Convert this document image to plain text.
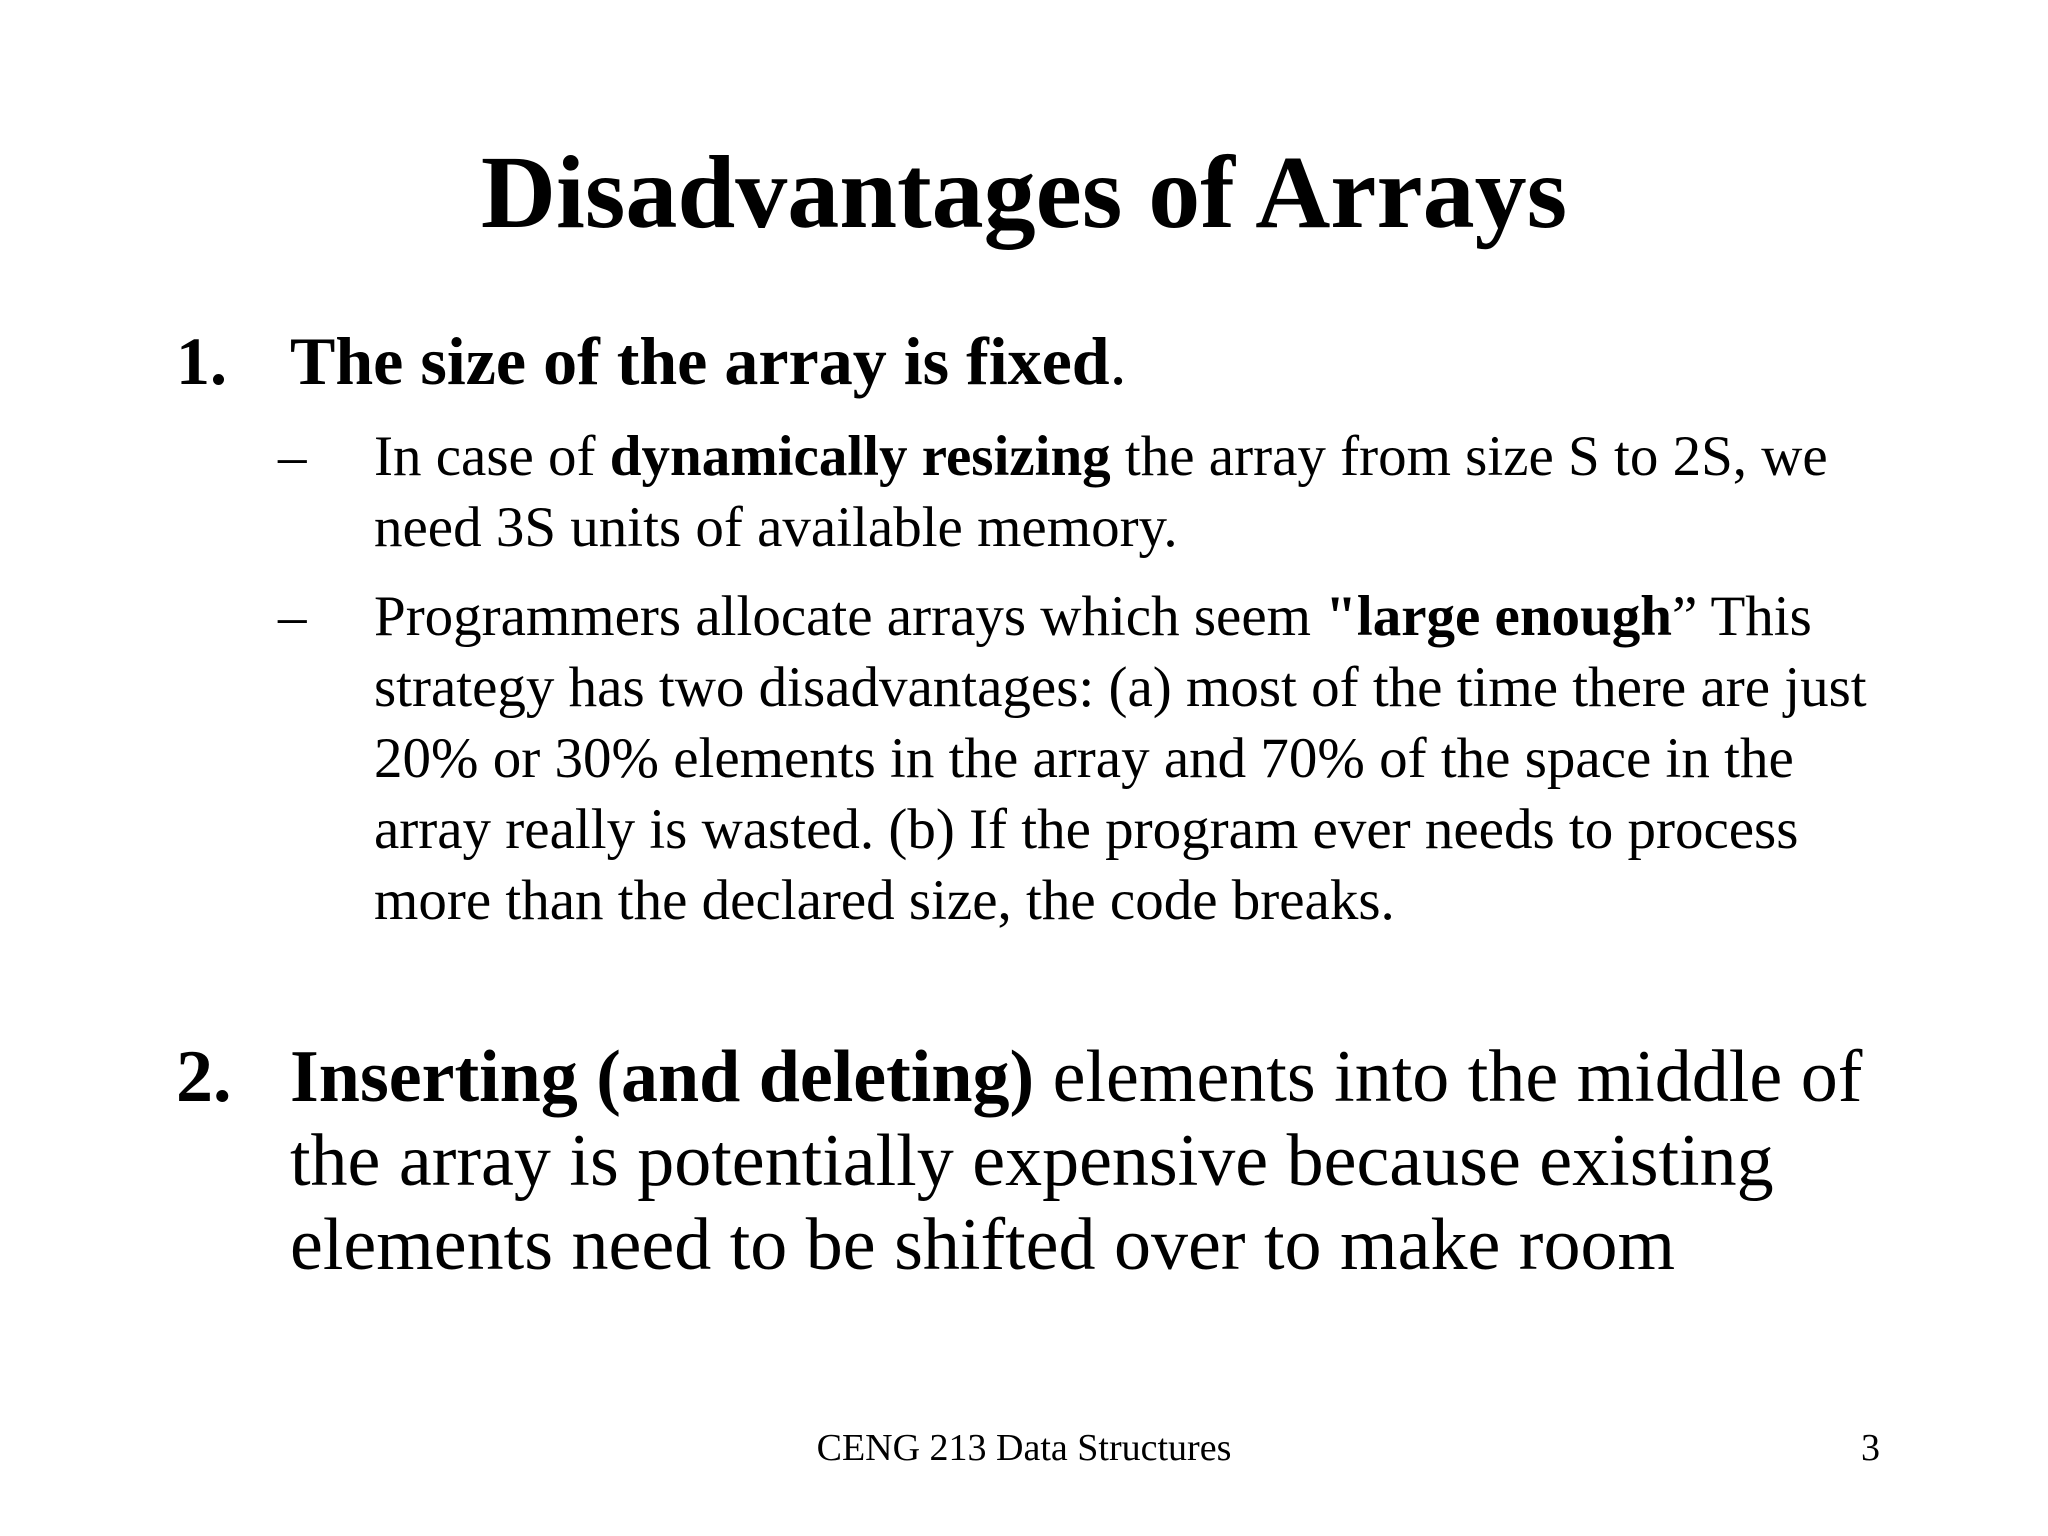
Disadvantages of Arrays
1. The size of the array is fixed.
– In case of dynamically resizing the array from size S to 2S, we need 3S units of available memory.
– Programmers allocate arrays which seem "large enough” This strategy has two disadvantages: (a) most of the time there are just 20% or 30% elements in the array and 70% of the space in the array really is wasted. (b) If the program ever needs to process more than the declared size, the code breaks.
2. Inserting (and deleting) elements into the middle of the array is potentially expensive because existing elements need to be shifted over to make room
CENG 213 Data Structures	3
